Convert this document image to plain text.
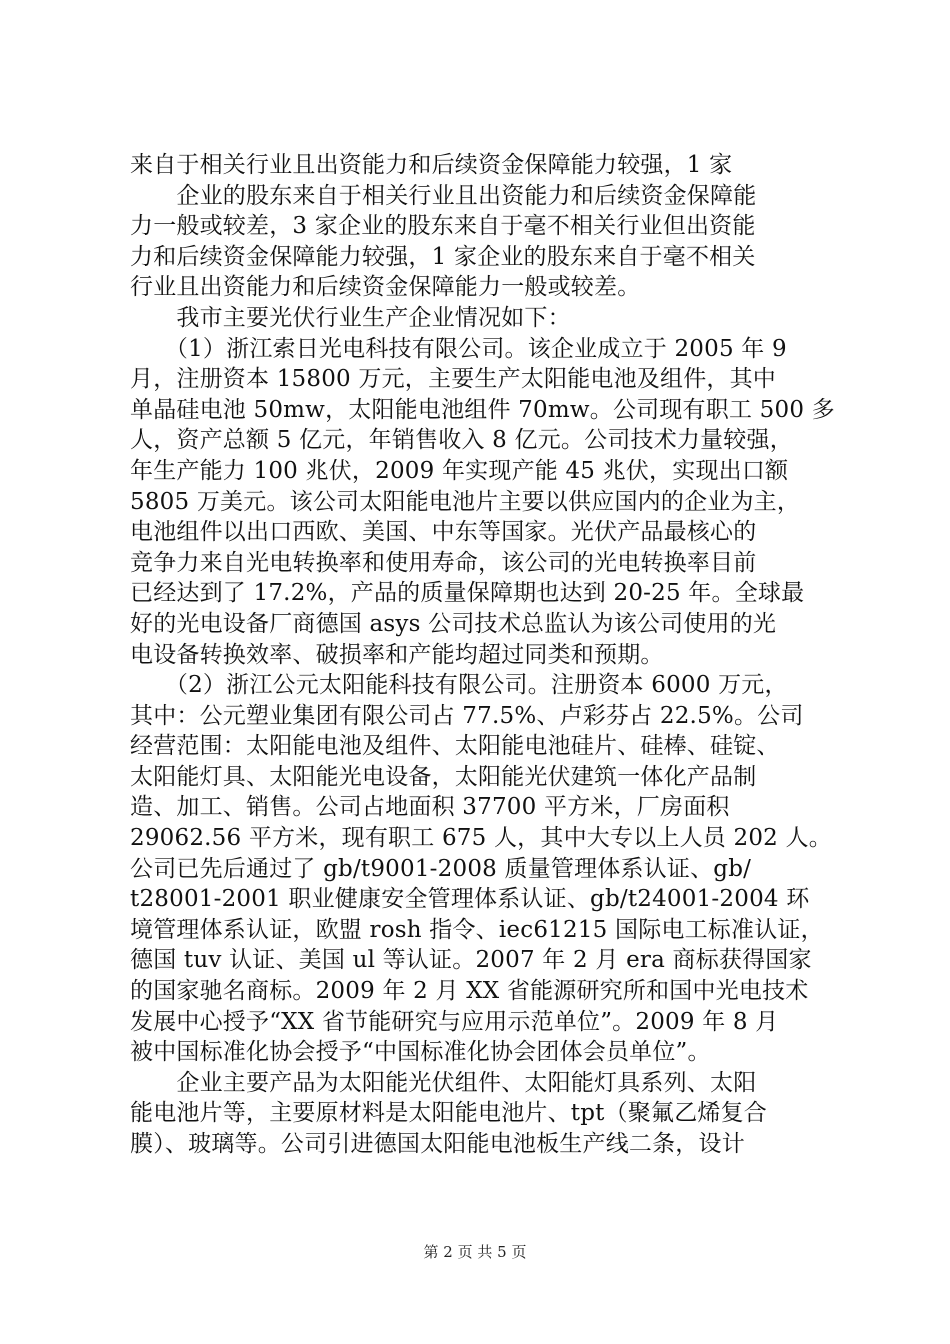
来自于相关行业且出资能力和后续资金保障能力较强，1 家
　　企业的股东来自于相关行业且出资能力和后续资金保障能
力一般或较差，3 家企业的股东来自于毫不相关行业但出资能
力和后续资金保障能力较强，1 家企业的股东来自于毫不相关
行业且出资能力和后续资金保障能力一般或较差。
　　我市主要光伏行业生产企业情况如下：
　　（1）浙江索日光电科技有限公司。该企业成立于 2005 年 9
月，注册资本 15800 万元，主要生产太阳能电池及组件，其中
单晶硅电池 50mw，太阳能电池组件 70mw。公司现有职工 500 多
人，资产总额 5 亿元，年销售收入 8 亿元。公司技术力量较强，
年生产能力 100 兆伏，2009 年实现产能 45 兆伏，实现出口额
5805 万美元。该公司太阳能电池片主要以供应国内的企业为主，
电池组件以出口西欧、美国、中东等国家。光伏产品最核心的
竞争力来自光电转换率和使用寿命，该公司的光电转换率目前
已经达到了 17.2%，产品的质量保障期也达到 20-25 年。全球最
好的光电设备厂商德国 asys 公司技术总监认为该公司使用的光
电设备转换效率、破损率和产能均超过同类和预期。
　　（2）浙江公元太阳能科技有限公司。注册资本 6000 万元，
其中：公元塑业集团有限公司占 77.5%、卢彩芬占 22.5%。公司
经营范围：太阳能电池及组件、太阳能电池硅片、硅棒、硅锭、
太阳能灯具、太阳能光电设备，太阳能光伏建筑一体化产品制
造、加工、销售。公司占地面积 37700 平方米，厂房面积
29062.56 平方米，现有职工 675 人，其中大专以上人员 202 人。
公司已先后通过了 gb/t9001-2008 质量管理体系认证、gb/
t28001-2001 职业健康安全管理体系认证、gb/t24001-2004 环
境管理体系认证，欧盟 rosh 指令、iec61215 国际电工标准认证，
德国 tuv 认证、美国 ul 等认证。2007 年 2 月 era 商标获得国家
的国家驰名商标。2009 年 2 月 XX 省能源研究所和国中光电技术
发展中心授予“XX 省节能研究与应用示范单位”。2009 年 8 月
被中国标准化协会授予“中国标准化协会团体会员单位”。
　　企业主要产品为太阳能光伏组件、太阳能灯具系列、太阳
能电池片等，主要原材料是太阳能电池片、tpt（聚氟乙烯复合
膜）、玻璃等。公司引进德国太阳能电池板生产线二条，设计
第 2 页 共 5 页
